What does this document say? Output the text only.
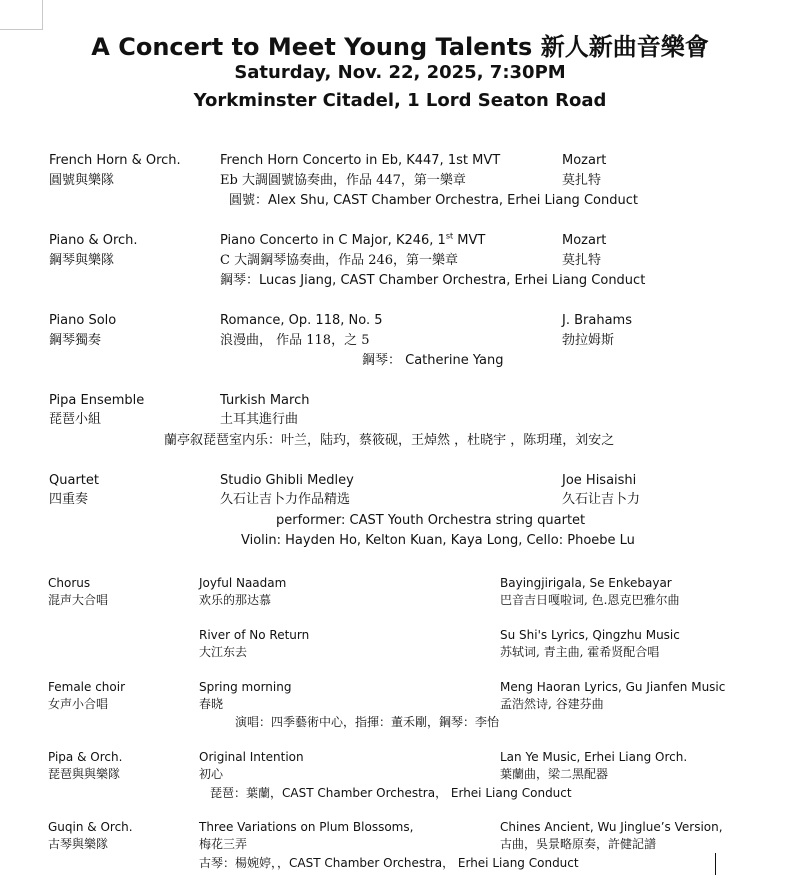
A Concert to Meet Young Talents 新人新曲音樂會
Saturday, Nov. 22, 2025, 7:30PM
Yorkminster Citadel, 1 Lord Seaton Road
French Horn & Orch.
圓號與樂隊
French Horn Concerto in Eb, K447, 1st MVT
Eb 大調圓號協奏曲，作品 447，第一樂章
Mozart
莫扎特
圓號：Alex Shu, CAST Chamber Orchestra, Erhei Liang Conduct
Piano & Orch.
鋼琴與樂隊
Piano Concerto in C Major, K246, 1st MVT
C 大調鋼琴協奏曲，作品 246，第一樂章
Mozart
莫扎特
鋼琴：Lucas Jiang, CAST Chamber Orchestra, Erhei Liang Conduct
Piano Solo
鋼琴獨奏
Romance, Op. 118, No. 5
浪漫曲， 作品 118，之 5
J. Brahams
勃拉姆斯
鋼琴： Catherine Yang
Pipa Ensemble
琵琶小組
Turkish March
土耳其進行曲
蘭亭叙琵琶室内乐：叶兰，陆玓，蔡筱砚，王焯然 ，杜晓宇 ，陈玥瑾，刘安之
Quartet
四重奏
Studio Ghibli Medley
久石让吉卜力作品精选
Joe Hisaishi
久石让吉卜力
performer: CAST Youth Orchestra string quartet
Violin: Hayden Ho, Kelton Kuan, Kaya Long, Cello: Phoebe Lu
Chorus
混声大合唱
Joyful Naadam
欢乐的那达慕
Bayingjirigala, Se Enkebayar
巴音吉日嘎啦词, 色.恩克巴雅尔曲
River of No Return
大江东去
Su Shi's Lyrics, Qingzhu Music
苏轼词, 青主曲, 霍希贤配合唱
Female choir
女声小合唱
Spring morning
春晓
Meng Haoran Lyrics, Gu Jianfen Music
孟浩然诗, 谷建芬曲
演唱：四季藝術中心，指揮：董禾剛，鋼琴：李怡
Pipa & Orch.
琵琶與與樂隊
Original Intention
初心
Lan Ye Music, Erhei Liang Orch.
葉蘭曲，梁二黑配器
琵琶：葉蘭，CAST Chamber Orchestra， Erhei Liang Conduct
Guqin & Orch.
古琴與樂隊
Three Variations on Plum Blossoms,
梅花三弄
Chines Ancient, Wu Jinglue’s Version,
古曲，吳景略原奏，許健記譜
古琴：楊婉婷，，CAST Chamber Orchestra， Erhei Liang Conduct
